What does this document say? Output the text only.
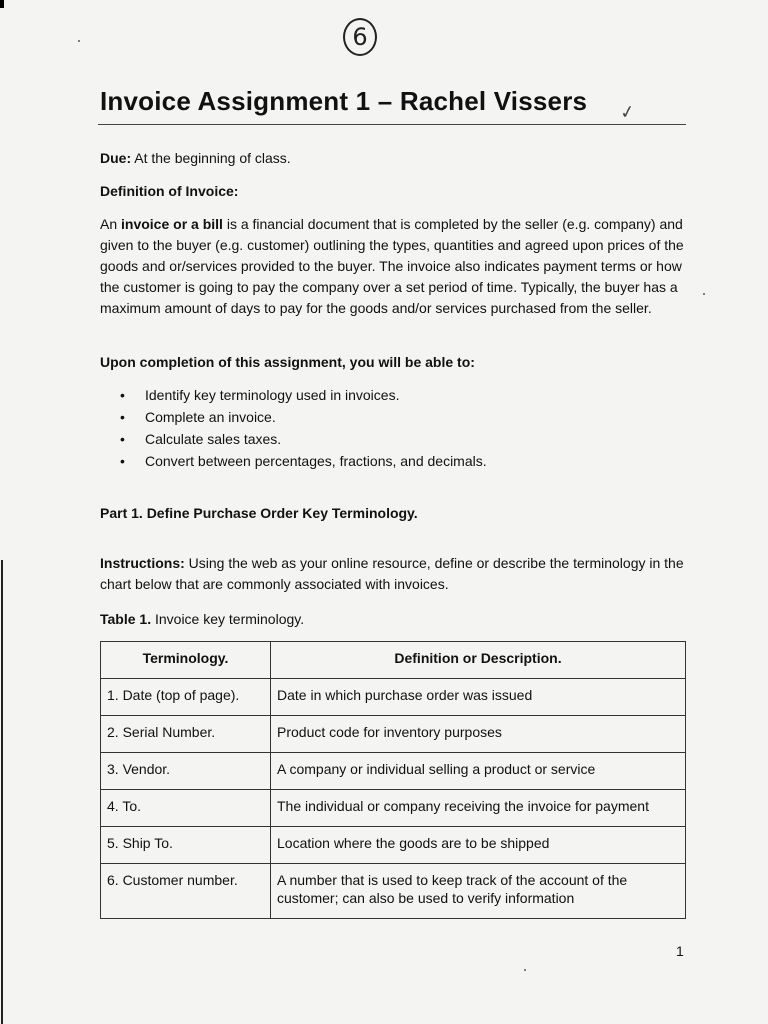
6
Invoice Assignment 1 – Rachel Vissers ✓

Due: At the beginning of class.

Definition of Invoice:

An invoice or a bill is a financial document that is completed by the seller (e.g. company) and given to the buyer (e.g. customer) outlining the types, quantities and agreed upon prices of the goods and or/services provided to the buyer. The invoice also indicates payment terms or how the customer is going to pay the company over a set period of time. Typically, the buyer has a maximum amount of days to pay for the goods and/or services purchased from the seller.

Upon completion of this assignment, you will be able to:

• Identify key terminology used in invoices.
• Complete an invoice.
• Calculate sales taxes.
• Convert between percentages, fractions, and decimals.

Part 1. Define Purchase Order Key Terminology.

Instructions: Using the web as your online resource, define or describe the terminology in the chart below that are commonly associated with invoices.

Table 1. Invoice key terminology.

Terminology.	Definition or Description.
1. Date (top of page).	Date in which purchase order was issued
2. Serial Number.	Product code for inventory purposes
3. Vendor.	A company or individual selling a product or service
4. To.	The individual or company receiving the invoice for payment
5. Ship To.	Location where the goods are to be shipped
6. Customer number.	A number that is used to keep track of the account of the customer; can also be used to verify information
1
